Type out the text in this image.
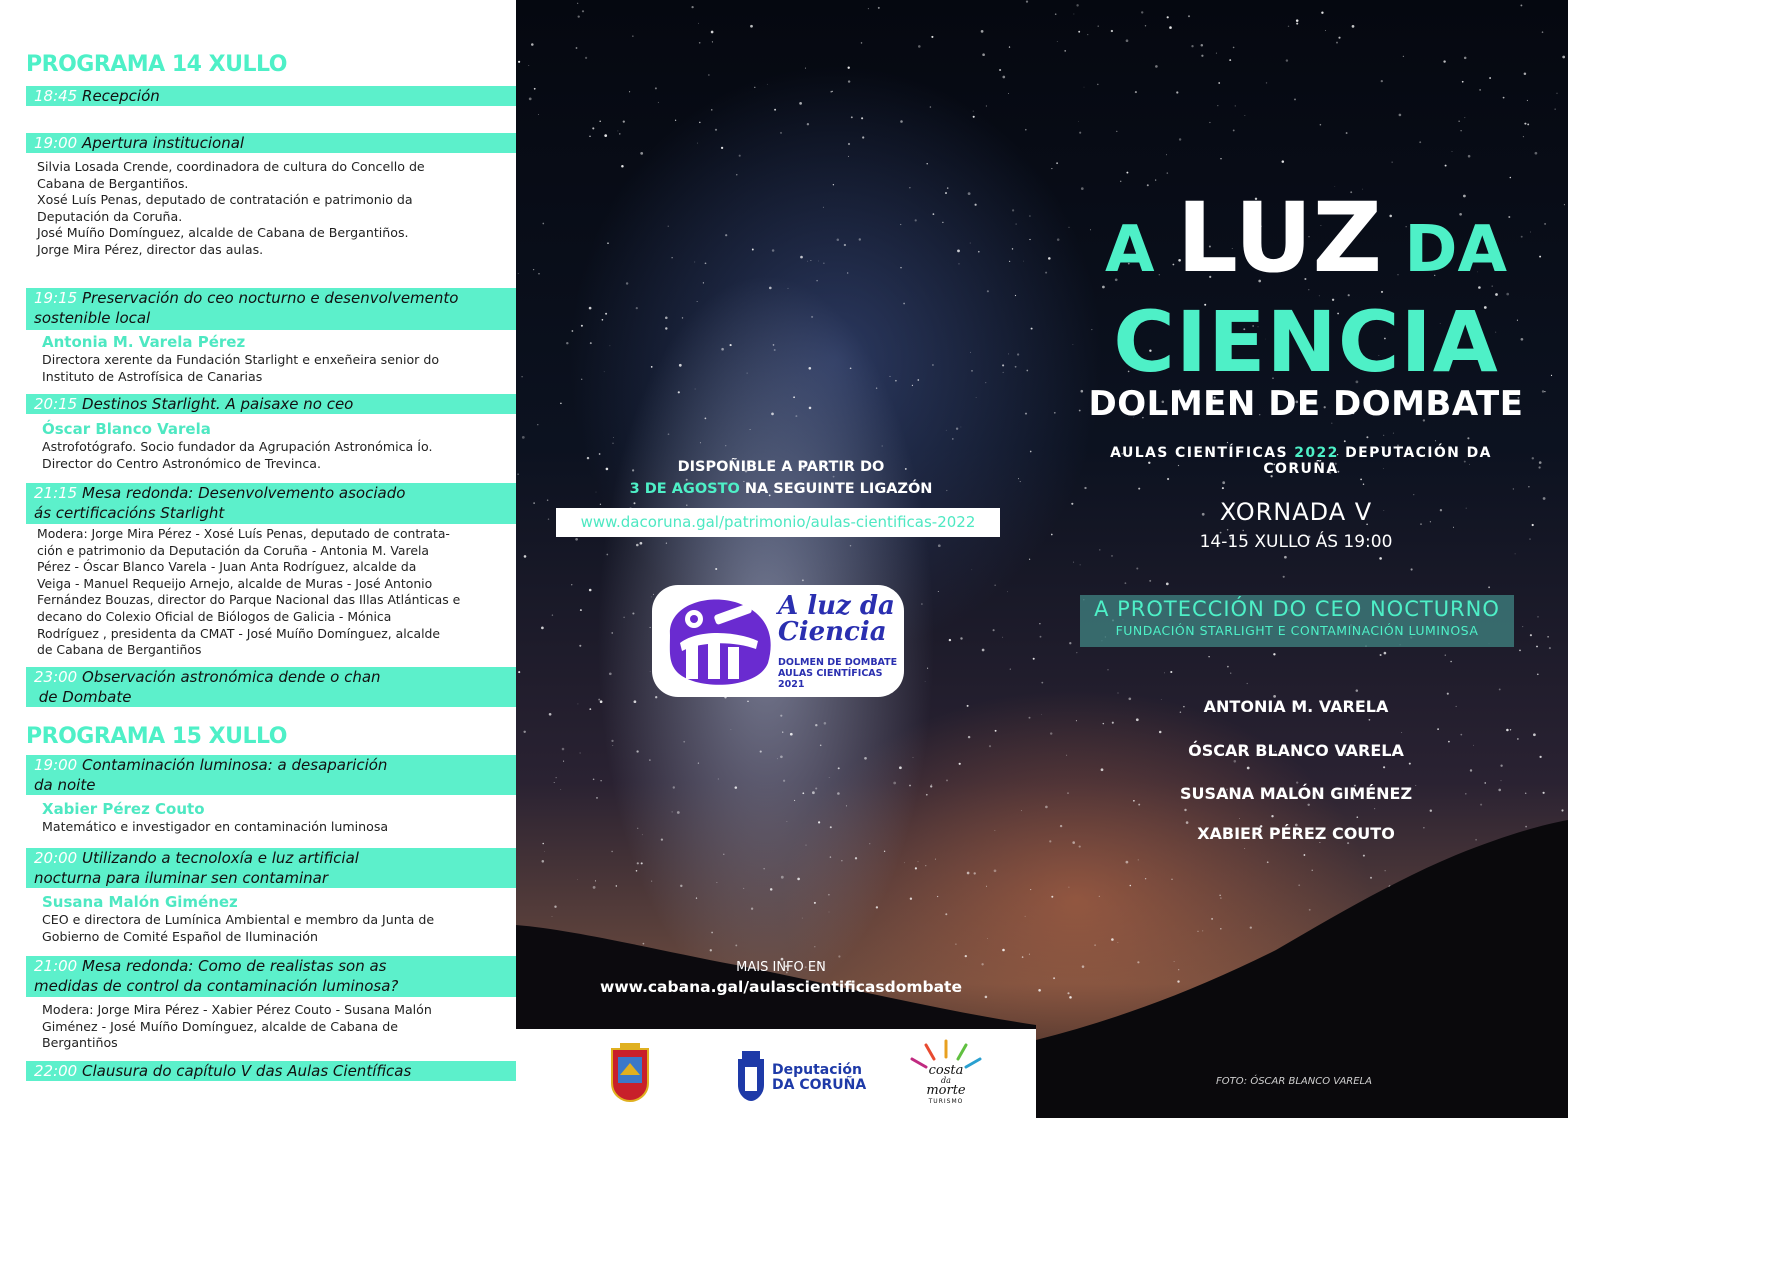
PROGRAMA 14 XULLO
18:45 Recepción
19:00 Apertura institucional
Silvia Losada Crende, coordinadora de cultura do Concello de
Cabana de Bergantiños.
Xosé Luís Penas, deputado de contratación e patrimonio da
Deputación da Coruña.
José Muíño Domínguez, alcalde de Cabana de Bergantiños.
Jorge Mira Pérez, director das aulas.
19:15 Preservación do ceo nocturno e desenvolvemento
sostenible local
Antonia M. Varela Pérez
Directora xerente da Fundación Starlight e enxeñeira senior do
Instituto de Astrofísica de Canarias
20:15 Destinos Starlight. A paisaxe no ceo
Óscar Blanco Varela
Astrofotógrafo. Socio fundador da Agrupación Astronómica Ío.
Director do Centro Astronómico de Trevinca.
21:15 Mesa redonda: Desenvolvemento asociado
ás certificacións Starlight
Modera: Jorge Mira Pérez - Xosé Luís Penas, deputado de contrata-
ción e patrimonio da Deputación da Coruña - Antonia M. Varela
Pérez - Óscar Blanco Varela - Juan Anta Rodríguez, alcalde da
Veiga - Manuel Requeijo Arnejo, alcalde de Muras - José Antonio
Fernández Bouzas, director do Parque Nacional das Illas Atlánticas e
decano do Colexio Oficial de Biólogos de Galicia - Mónica
Rodríguez , presidenta da CMAT - José Muíño Domínguez, alcalde
de Cabana de Bergantiños
23:00 Observación astronómica dende o chan
de Dombate
PROGRAMA 15 XULLO
19:00 Contaminación luminosa: a desaparición
da noite
Xabier Pérez Couto
Matemático e investigador en contaminación luminosa
20:00 Utilizando a tecnoloxía e luz artificial
nocturna para iluminar sen contaminar
Susana Malón Giménez
CEO e directora de Lumínica Ambiental e membro da Junta de
Gobierno de Comité Español de Iluminación
21:00 Mesa redonda: Como de realistas son as
medidas de control da contaminación luminosa?
Modera: Jorge Mira Pérez - Xabier Pérez Couto - Susana Malón
Giménez - José Muíño Domínguez, alcalde de Cabana de
Bergantiños
22:00 Clausura do capítulo V das Aulas Científicas
A LUZ DA
CIENCIA
DOLMEN DE DOMBATE
AULAS CIENTÍFICAS 2022 DEPUTACIÓN DA CORUÑA
XORNADA V
14-15 XULLO ÁS 19:00
A PROTECCIÓN DO CEO NOCTURNO
FUNDACIÓN STARLIGHT E CONTAMINACIÓN LUMINOSA
ANTONIA M. VARELA
ÓSCAR BLANCO VARELA
SUSANA MALÓN GIMÉNEZ
XABIER PÉREZ COUTO
DISPOÑIBLE A PARTIR DO
3 DE AGOSTO NA SEGUINTE LIGAZÓN
www.dacoruna.gal/patrimonio/aulas-cientificas-2022
A luz da
Ciencia
DOLMEN DE DOMBATE
AULAS CIENTÍFICAS 2021
MAIS INFO EN
www.cabana.gal/aulascientificasdombate
Deputación
DA CORUÑA
costa
da
morte
TURISMO
FOTO: ÓSCAR BLANCO VARELA
